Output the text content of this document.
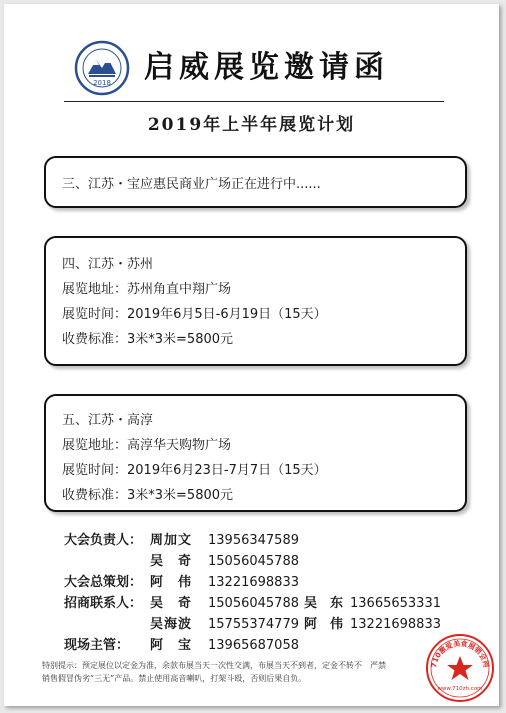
2018 启威展览邀请函
2019年上半年展览计划
三、江苏・宝应惠民商业广场正在进行中......
四、江苏・苏州
展览地址：苏州角直中翔广场
展览时间：2019年6月5日-6月19日（15天）
收费标准：3米*3米=5800元
五、江苏・高淳
展览地址：高淳华天购物广场
展览时间：2019年6月23日-7月7日（15天）
收费标准：3米*3米=5800元
大会负责人： 周加文	13956347589
吴　奇	15056045788
大会总策划： 阿　伟	13221698833
招商联系人： 吴　奇	15056045788 吴　东 13665653331
吴海波	15755374779 阿　伟 13221698833
现场主管：	阿　宝	13965687058
特别提示：预定展位以定金为准，余款布展当天一次性交满，布展当天不到者，定金不转不　严禁
销售假冒伪劣“三无”产品。禁止使用高音喇叭，打架斗殴，否则后果自负。
710激爱美食展销会网
www.710zh.com
